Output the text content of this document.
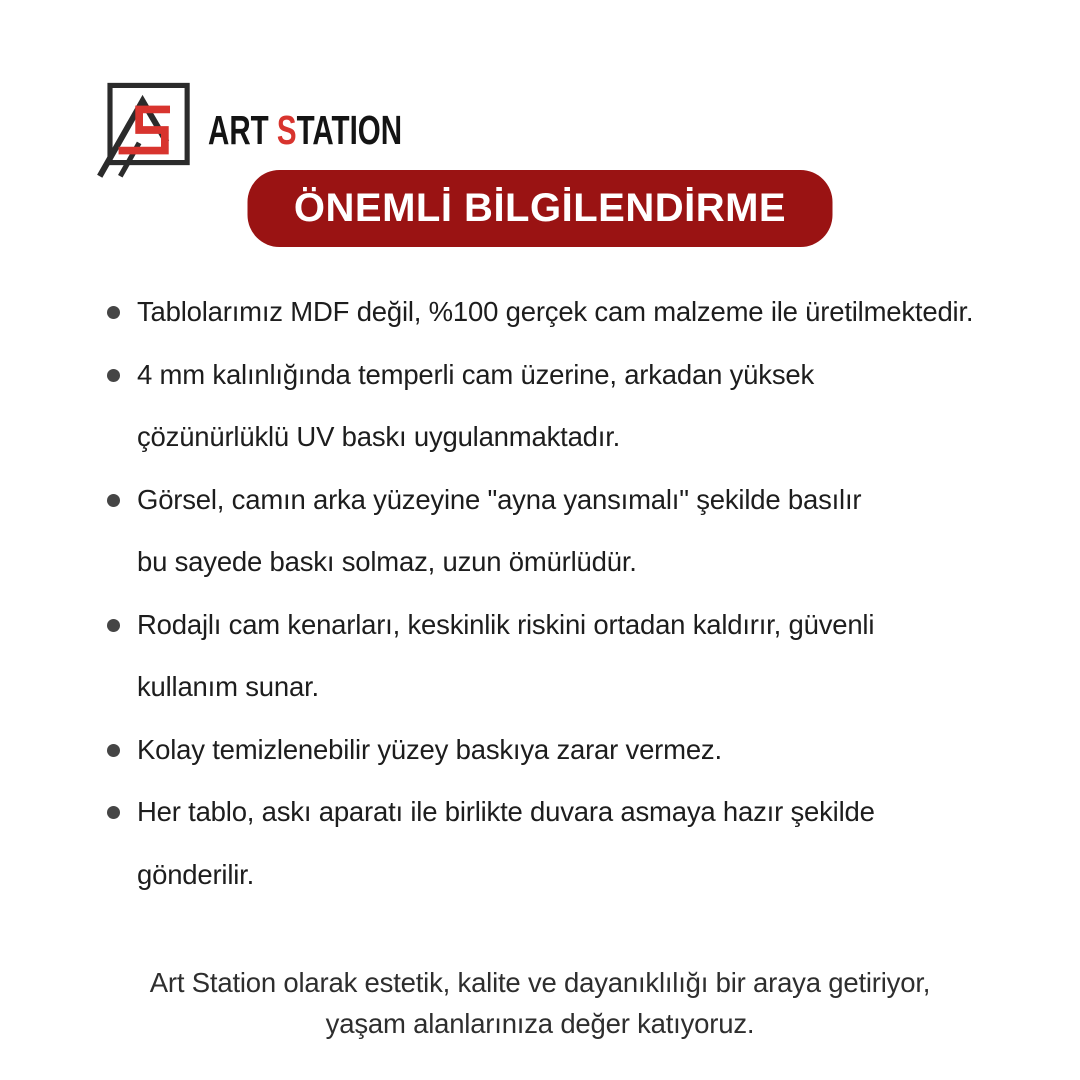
ART STATION
ÖNEMLİ BİLGİLENDİRME
Tablolarımız MDF değil, %100 gerçek cam malzeme ile üretilmektedir.
4 mm kalınlığında temperli cam üzerine, arkadan yüksek
çözünürlüklü UV baskı uygulanmaktadır.
Görsel, camın arka yüzeyine "ayna yansımalı" şekilde basılır
bu sayede baskı solmaz, uzun ömürlüdür.
Rodajlı cam kenarları, keskinlik riskini ortadan kaldırır, güvenli
kullanım sunar.
Kolay temizlenebilir yüzey baskıya zarar vermez.
Her tablo, askı aparatı ile birlikte duvara asmaya hazır şekilde
gönderilir.
Art Station olarak estetik, kalite ve dayanıklılığı bir araya getiriyor,
yaşam alanlarınıza değer katıyoruz.
